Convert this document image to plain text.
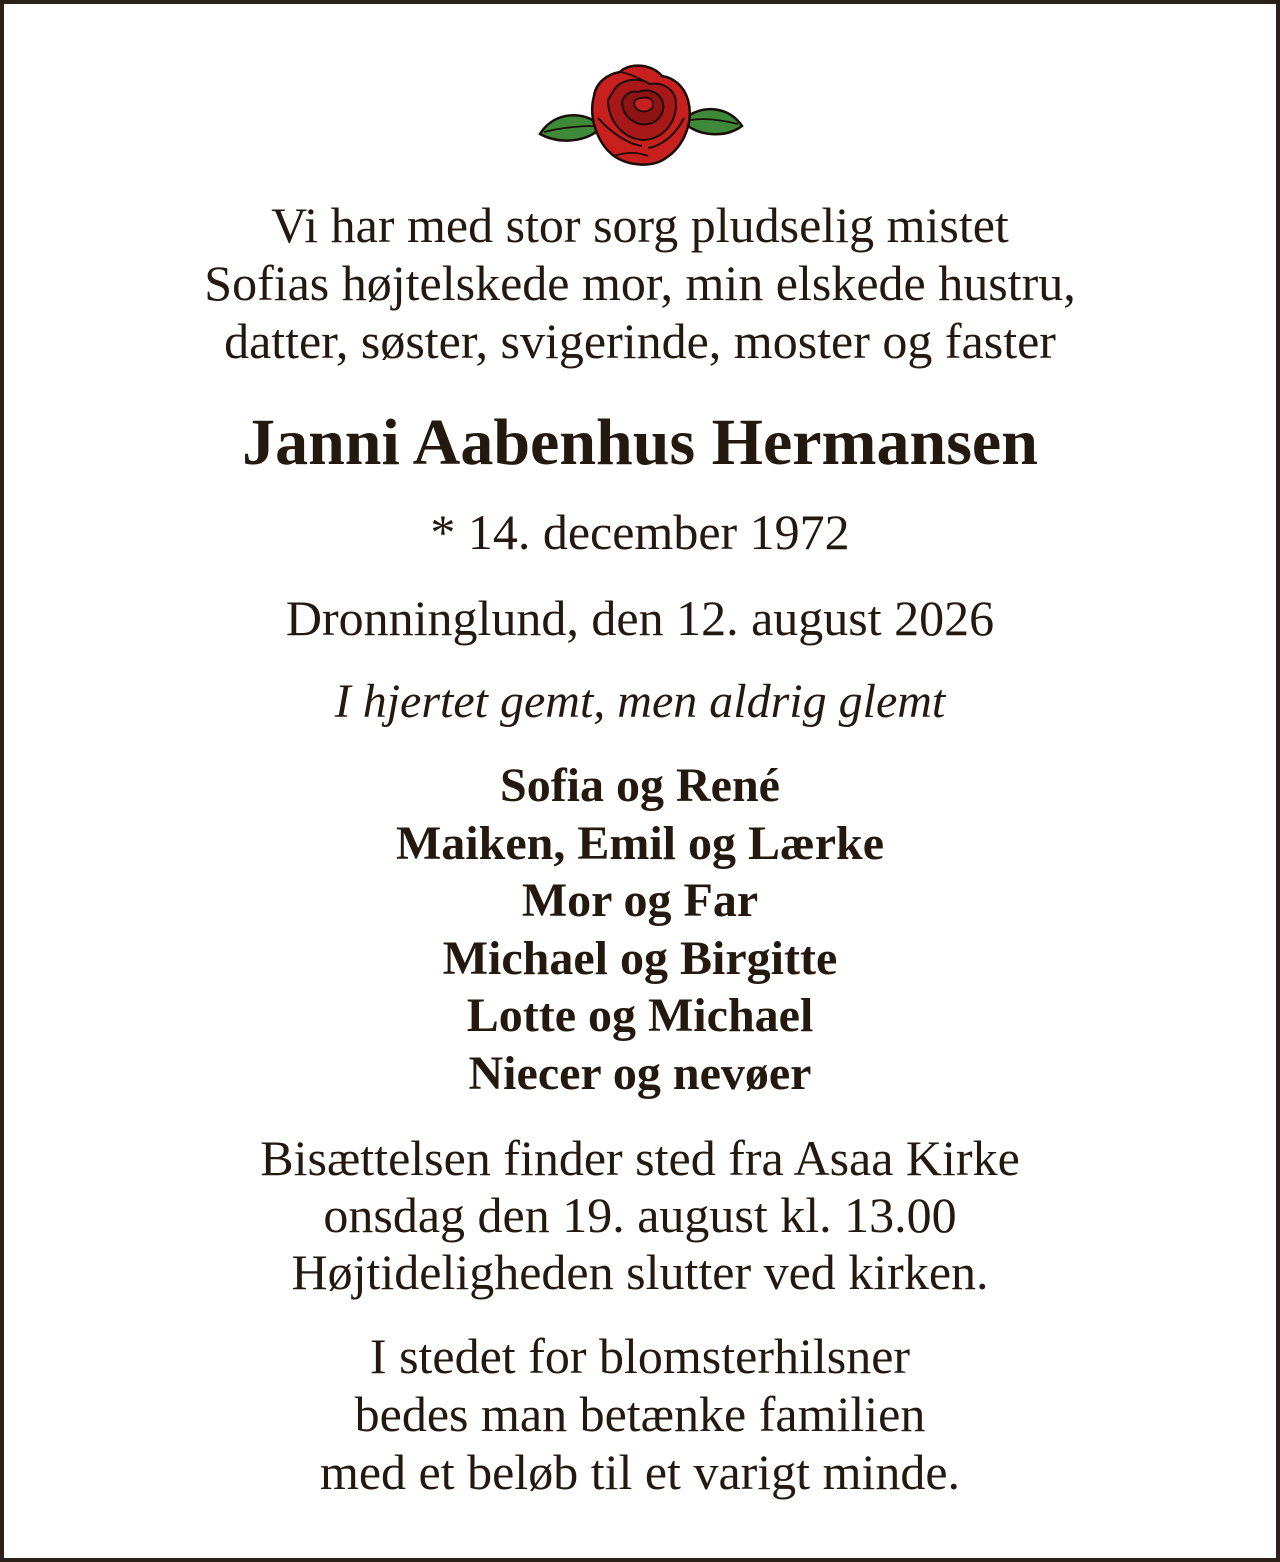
Vi har med stor sorg pludselig mistet
Sofias højtelskede mor, min elskede hustru,
datter, søster, svigerinde, moster og faster
Janni Aabenhus Hermansen
* 14. december 1972
Dronninglund, den 12. august 2026
I hjertet gemt, men aldrig glemt
Sofia og René
Maiken, Emil og Lærke
Mor og Far
Michael og Birgitte
Lotte og Michael
Niecer og nevøer
Bisættelsen finder sted fra Asaa Kirke
onsdag den 19. august kl. 13.00
Højtideligheden slutter ved kirken.
I stedet for blomsterhilsner
bedes man betænke familien
med et beløb til et varigt minde.
